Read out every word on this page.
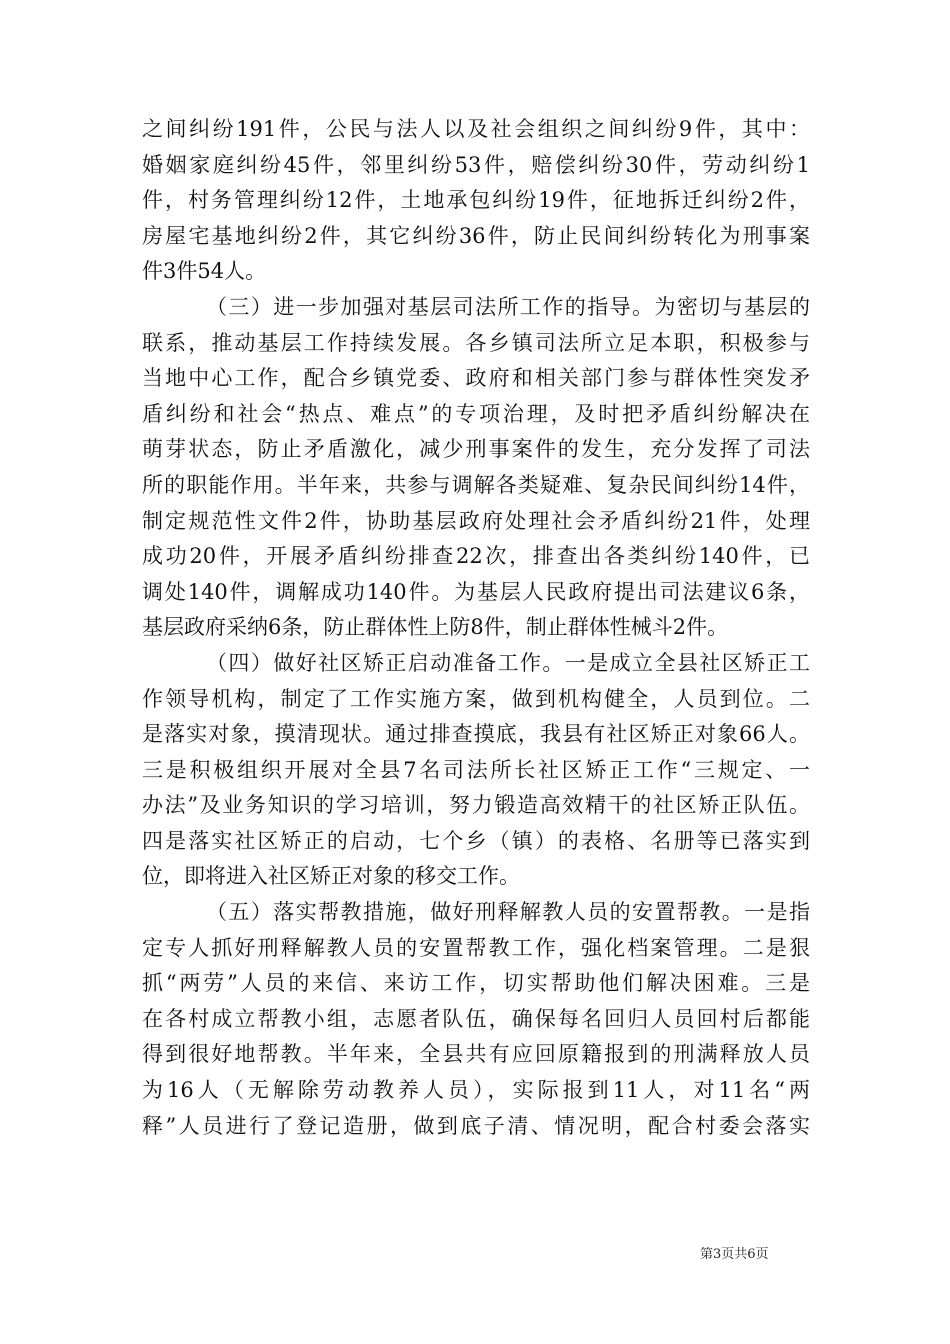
之间纠纷191件，公民与法人以及社会组织之间纠纷9件，其中：
婚姻家庭纠纷45件，邻里纠纷53件，赔偿纠纷30件，劳动纠纷1
件，村务管理纠纷12件，土地承包纠纷19件，征地拆迁纠纷2件，
房屋宅基地纠纷2件，其它纠纷36件，防止民间纠纷转化为刑事案
件3件54人。
（三）进一步加强对基层司法所工作的指导。为密切与基层的
联系，推动基层工作持续发展。各乡镇司法所立足本职，积极参与
当地中心工作，配合乡镇党委、政府和相关部门参与群体性突发矛
盾纠纷和社会“热点、难点”的专项治理，及时把矛盾纠纷解决在
萌芽状态，防止矛盾激化，减少刑事案件的发生，充分发挥了司法
所的职能作用。半年来，共参与调解各类疑难、复杂民间纠纷14件，
制定规范性文件2件，协助基层政府处理社会矛盾纠纷21件，处理
成功20件，开展矛盾纠纷排查22次，排查出各类纠纷140件，已
调处140件，调解成功140件。为基层人民政府提出司法建议6条，
基层政府采纳6条，防止群体性上防8件，制止群体性械斗2件。
（四）做好社区矫正启动准备工作。一是成立全县社区矫正工
作领导机构，制定了工作实施方案，做到机构健全，人员到位。二
是落实对象，摸清现状。通过排查摸底，我县有社区矫正对象66人。
三是积极组织开展对全县7名司法所长社区矫正工作“三规定、一
办法”及业务知识的学习培训，努力锻造高效精干的社区矫正队伍。
四是落实社区矫正的启动，七个乡（镇）的表格、名册等已落实到
位，即将进入社区矫正对象的移交工作。
（五）落实帮教措施，做好刑释解教人员的安置帮教。一是指
定专人抓好刑释解教人员的安置帮教工作，强化档案管理。二是狠
抓“两劳”人员的来信、来访工作，切实帮助他们解决困难。三是
在各村成立帮教小组，志愿者队伍，确保每名回归人员回村后都能
得到很好地帮教。半年来，全县共有应回原籍报到的刑满释放人员
为16人（无解除劳动教养人员），实际报到11人，对11名“两
释”人员进行了登记造册，做到底子清、情况明，配合村委会落实
第3页共6页
